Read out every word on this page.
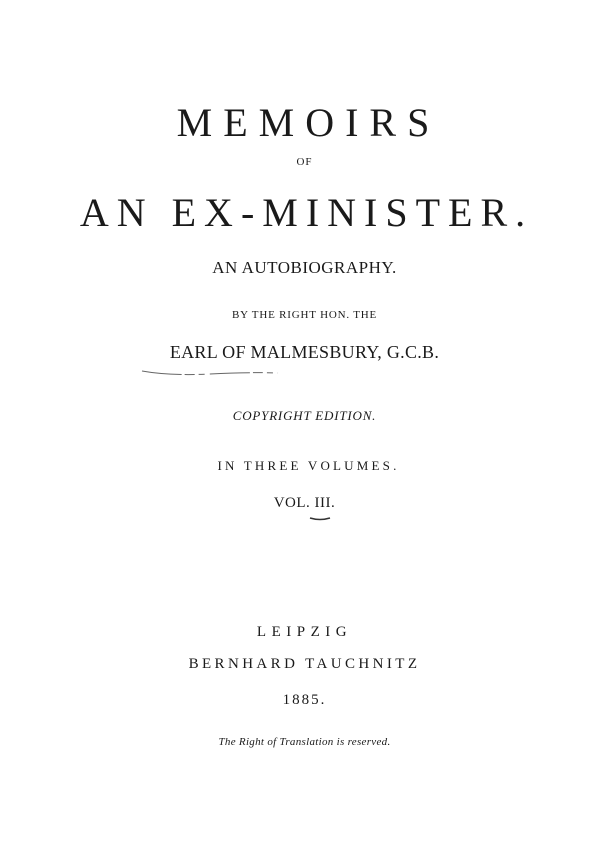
MEMOIRS
OF
AN EX-MINISTER.
AN AUTOBIOGRAPHY.
BY THE RIGHT HON. THE
EARL OF MALMESBURY, G.C.B.
COPYRIGHT EDITION.
IN THREE VOLUMES.
VOL. III.
LEIPZIG
BERNHARD TAUCHNITZ
1885.
The Right of Translation is reserved.
